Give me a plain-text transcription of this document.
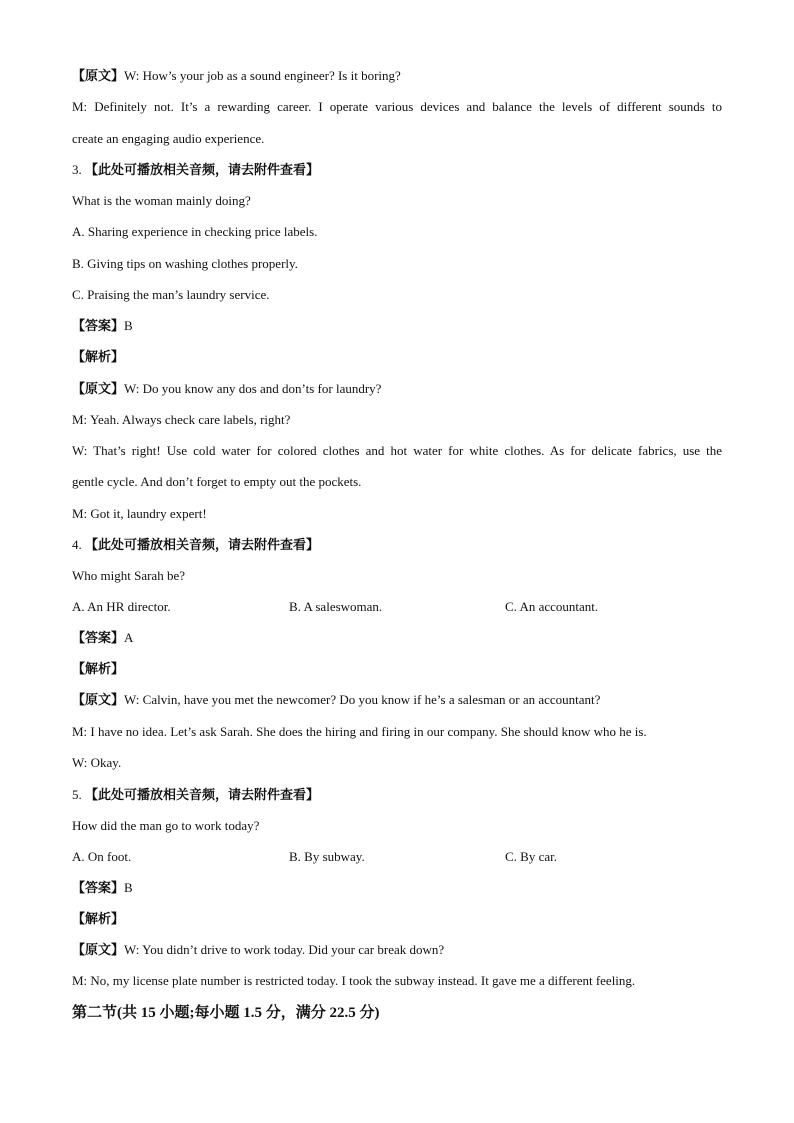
【原文】W: How’s your job as a sound engineer? Is it boring?
M: Definitely not. It’s a rewarding career. I operate various devices and balance the levels of different sounds to
create an engaging audio experience.
3. 【此处可播放相关音频，请去附件查看】
What is the woman mainly doing?
A. Sharing experience in checking price labels.
B. Giving tips on washing clothes properly.
C. Praising the man’s laundry service.
【答案】B
【解析】
【原文】W: Do you know any dos and don’ts for laundry?
M: Yeah. Always check care labels, right?
W: That’s right! Use cold water for colored clothes and hot water for white clothes. As for delicate fabrics, use the
gentle cycle. And don’t forget to empty out the pockets.
M: Got it, laundry expert!
4. 【此处可播放相关音频，请去附件查看】
Who might Sarah be?
A. An HR director.	B. A saleswoman.	C. An accountant.
【答案】A
【解析】
【原文】W: Calvin, have you met the newcomer? Do you know if he’s a salesman or an accountant?
M: I have no idea. Let’s ask Sarah. She does the hiring and firing in our company. She should know who he is.
W: Okay.
5. 【此处可播放相关音频，请去附件查看】
How did the man go to work today?
A. On foot.	B. By subway.	C. By car.
【答案】B
【解析】
【原文】W: You didn’t drive to work today. Did your car break down?
M: No, my license plate number is restricted today. I took the subway instead. It gave me a different feeling.
第二节(共 15 小题;每小题 1.5 分，满分 22.5 分)
